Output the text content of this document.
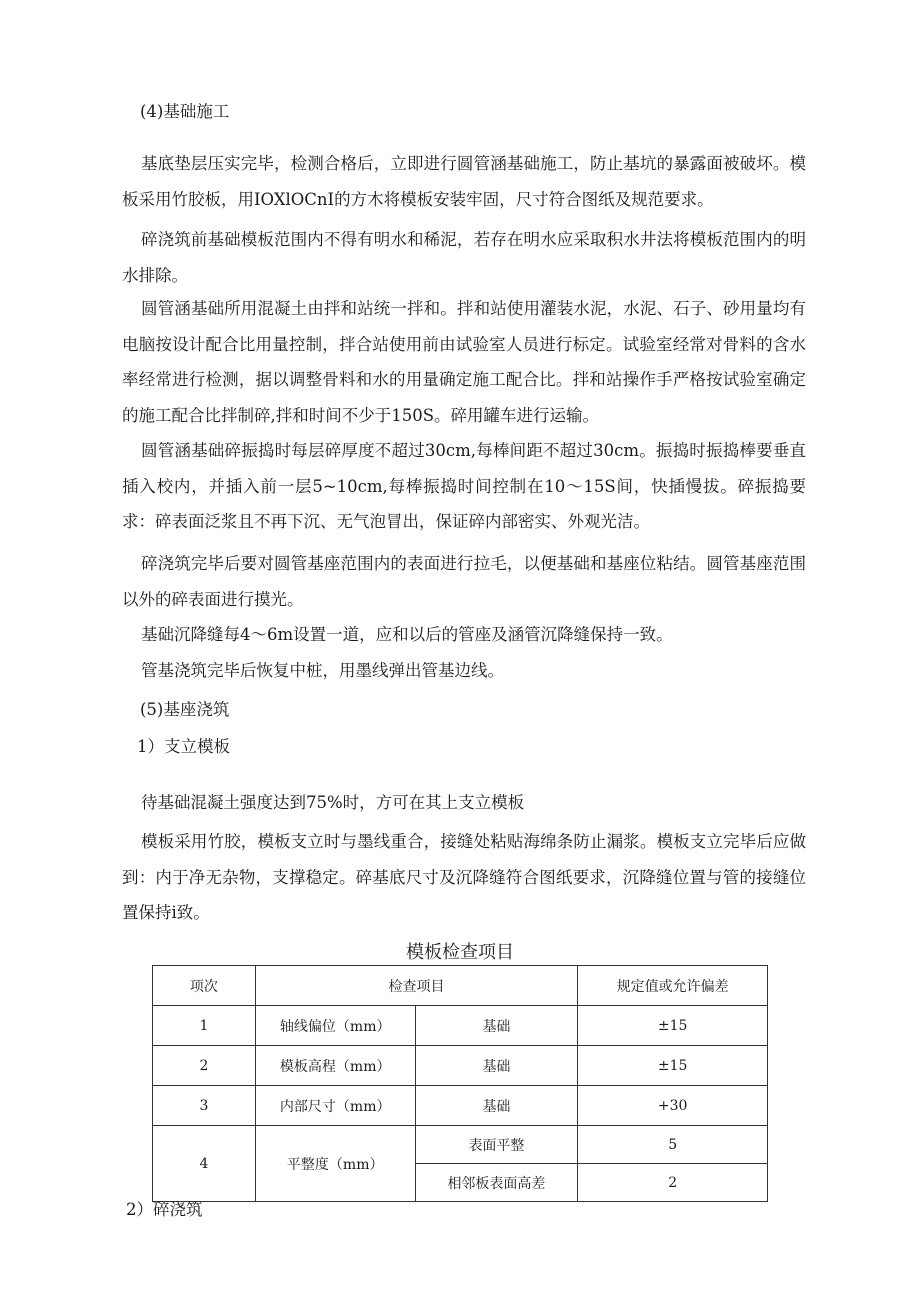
(4)基础施工

基底垫层压实完毕，检测合格后，立即进行圆管涵基础施工，防止基坑的暴露面被破坏。模板采用竹胶板，用IOXlOCnI的方木将模板安装牢固，尺寸符合图纸及规范要求。

碎浇筑前基础模板范围内不得有明水和稀泥，若存在明水应采取积水井法将模板范围内的明水排除。

圆管涵基础所用混凝土由拌和站统一拌和。拌和站使用灌装水泥，水泥、石子、砂用量均有电脑按设计配合比用量控制，拌合站使用前由试验室人员进行标定。试验室经常对骨料的含水率经常进行检测，据以调整骨料和水的用量确定施工配合比。拌和站操作手严格按试验室确定的施工配合比拌制碎,拌和时间不少于150S。碎用罐车进行运输。

圆管涵基础碎振捣时每层碎厚度不超过30cm,每棒间距不超过30cm。振捣时振捣棒要垂直插入校内，并插入前一层5~10cm,每棒振捣时间控制在10～15S间，快插慢拔。碎振捣要求：碎表面泛浆且不再下沉、无气泡冒出，保证碎内部密实、外观光洁。

碎浇筑完毕后要对圆管基座范围内的表面进行拉毛，以便基础和基座位粘结。圆管基座范围以外的碎表面进行摸光。

基础沉降缝每4～6m设置一道，应和以后的管座及涵管沉降缝保持一致。

管基浇筑完毕后恢复中桩，用墨线弹出管基边线。

(5)基座浇筑

1）支立模板

待基础混凝土强度达到75%时，方可在其上支立模板

模板采用竹胶，模板支立时与墨线重合，接缝处粘贴海绵条防止漏浆。模板支立完毕后应做到：内于净无杂物，支撑稳定。碎基底尺寸及沉降缝符合图纸要求，沉降缝位置与管的接缝位置保持i致。

模板检查项目

项次	检查项目		规定值或允许偏差
1	轴线偏位（mm）	基础	±15
2	模板高程（mm）	基础	±15
3	内部尺寸（mm）	基础	+30
4	平整度（mm）	表面平整	5
		相邻板表面高差	2

2）碎浇筑
